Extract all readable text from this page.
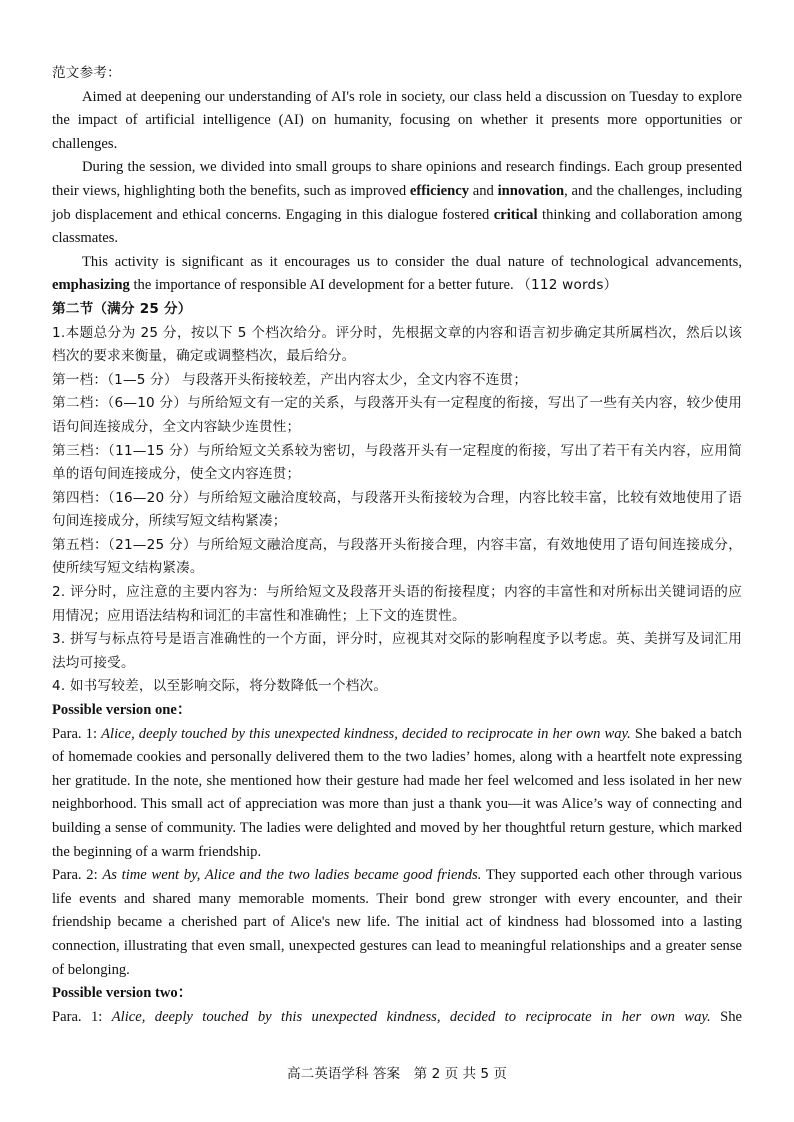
范文参考：

Aimed at deepening our understanding of AI's role in society, our class held a discussion on Tuesday to explore the impact of artificial intelligence (AI) on humanity, focusing on whether it presents more opportunities or challenges.

During the session, we divided into small groups to share opinions and research findings. Each group presented their views, highlighting both the benefits, such as improved efficiency and innovation, and the challenges, including job displacement and ethical concerns. Engaging in this dialogue fostered critical thinking and collaboration among classmates.

This activity is significant as it encourages us to consider the dual nature of technological advancements, emphasizing the importance of responsible AI development for a better future. （112 words）

第二节（满分 25 分）

1.本题总分为 25 分，按以下 5 个档次给分。评分时，先根据文章的内容和语言初步确定其所属档次，然后以该档次的要求来衡量，确定或调整档次，最后给分。

第一档：（1—5 分） 与段落开头衔接较差，产出内容太少，全文内容不连贯；

第二档：（6—10 分）与所给短文有一定的关系，与段落开头有一定程度的衔接，写出了一些有关内容，较少使用语句间连接成分，全文内容缺少连贯性；

第三档：（11—15 分）与所给短文关系较为密切，与段落开头有一定程度的衔接，写出了若干有关内容，应用简单的语句间连接成分，使全文内容连贯；

第四档：（16—20 分）与所给短文融洽度较高，与段落开头衔接较为合理，内容比较丰富，比较有效地使用了语句间连接成分，所续写短文结构紧凑；

第五档：（21—25 分）与所给短文融洽度高，与段落开头衔接合理，内容丰富，有效地使用了语句间连接成分，使所续写短文结构紧凑。

2. 评分时，应注意的主要内容为：与所给短文及段落开头语的衔接程度；内容的丰富性和对所标出关键词语的应用情况；应用语法结构和词汇的丰富性和准确性；上下文的连贯性。

3. 拼写与标点符号是语言准确性的一个方面，评分时，应视其对交际的影响程度予以考虑。英、美拼写及词汇用法均可接受。

4. 如书写较差，以至影响交际，将分数降低一个档次。

Possible version one：

Para. 1: Alice, deeply touched by this unexpected kindness, decided to reciprocate in her own way. She baked a batch of homemade cookies and personally delivered them to the two ladies’ homes, along with a heartfelt note expressing her gratitude. In the note, she mentioned how their gesture had made her feel welcomed and less isolated in her new neighborhood. This small act of appreciation was more than just a thank you—it was Alice’s way of connecting and building a sense of community. The ladies were delighted and moved by her thoughtful return gesture, which marked the beginning of a warm friendship.

Para. 2: As time went by, Alice and the two ladies became good friends. They supported each other through various life events and shared many memorable moments. Their bond grew stronger with every encounter, and their friendship became a cherished part of Alice's new life. The initial act of kindness had blossomed into a lasting connection, illustrating that even small, unexpected gestures can lead to meaningful relationships and a greater sense of belonging.

Possible version two：

Para. 1: Alice, deeply touched by this unexpected kindness, decided to reciprocate in her own way. She

高二英语学科 答案　第 2 页 共 5 页
